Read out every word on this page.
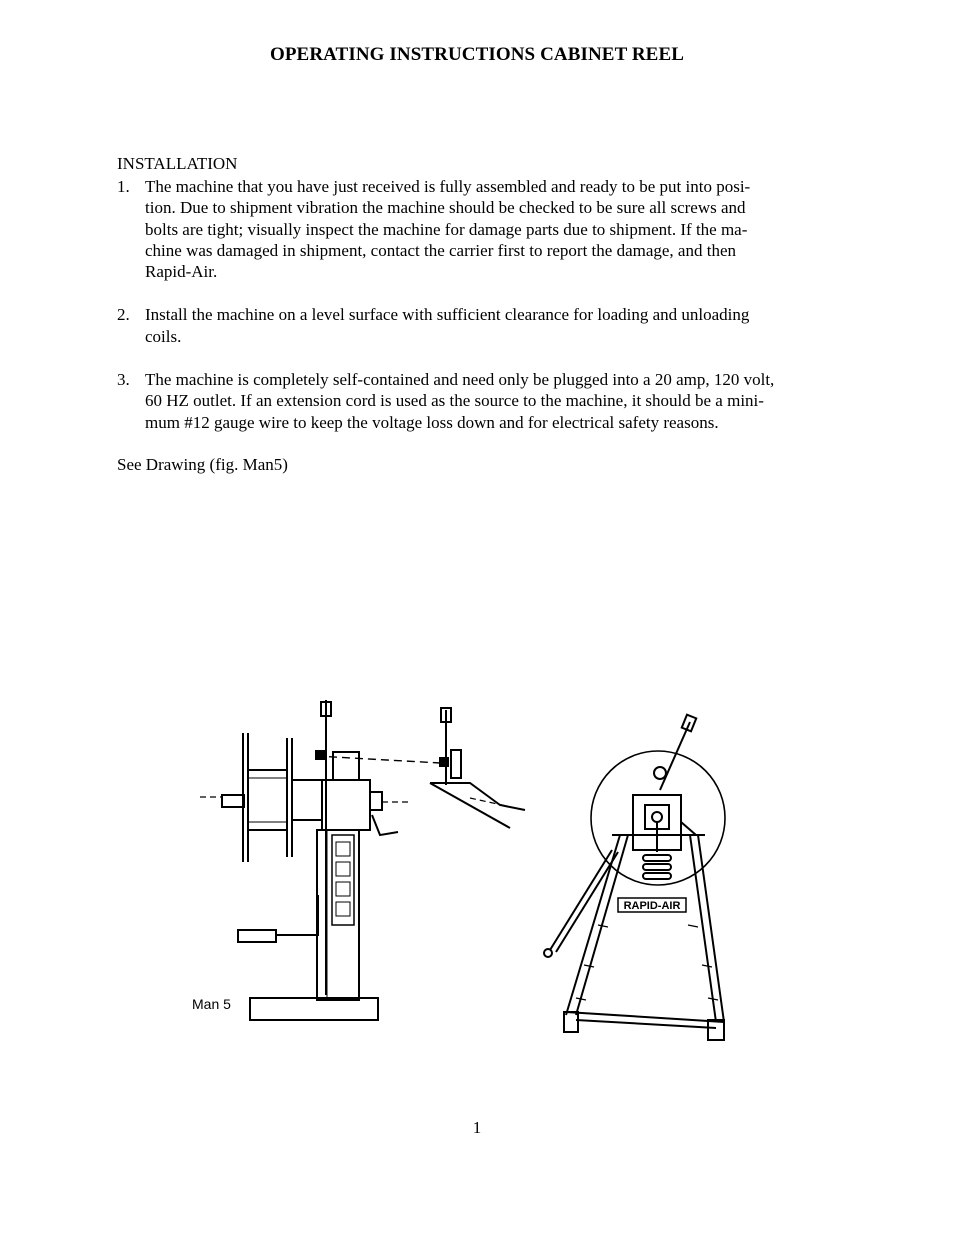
OPERATING INSTRUCTIONS CABINET REEL
INSTALLATION
1. The machine that you have just received is fully assembled and ready to be put into posi-
tion. Due to shipment vibration the machine should be checked to be sure all screws and
bolts are tight; visually inspect the machine for damage parts due to shipment. If the ma-
chine was damaged in shipment, contact the carrier first to report the damage, and then
Rapid-Air.
2. Install the machine on a level surface with sufficient clearance for loading and unloading
coils.
3. The machine is completely self-contained and need only be plugged into a 20 amp, 120 volt,
60 HZ outlet. If an extension cord is used as the source to the machine, it should be a mini-
mum #12 gauge wire to keep the voltage loss down and for electrical safety reasons.
See Drawing (fig. Man5)
RAPID-AIR
Man 5
1
